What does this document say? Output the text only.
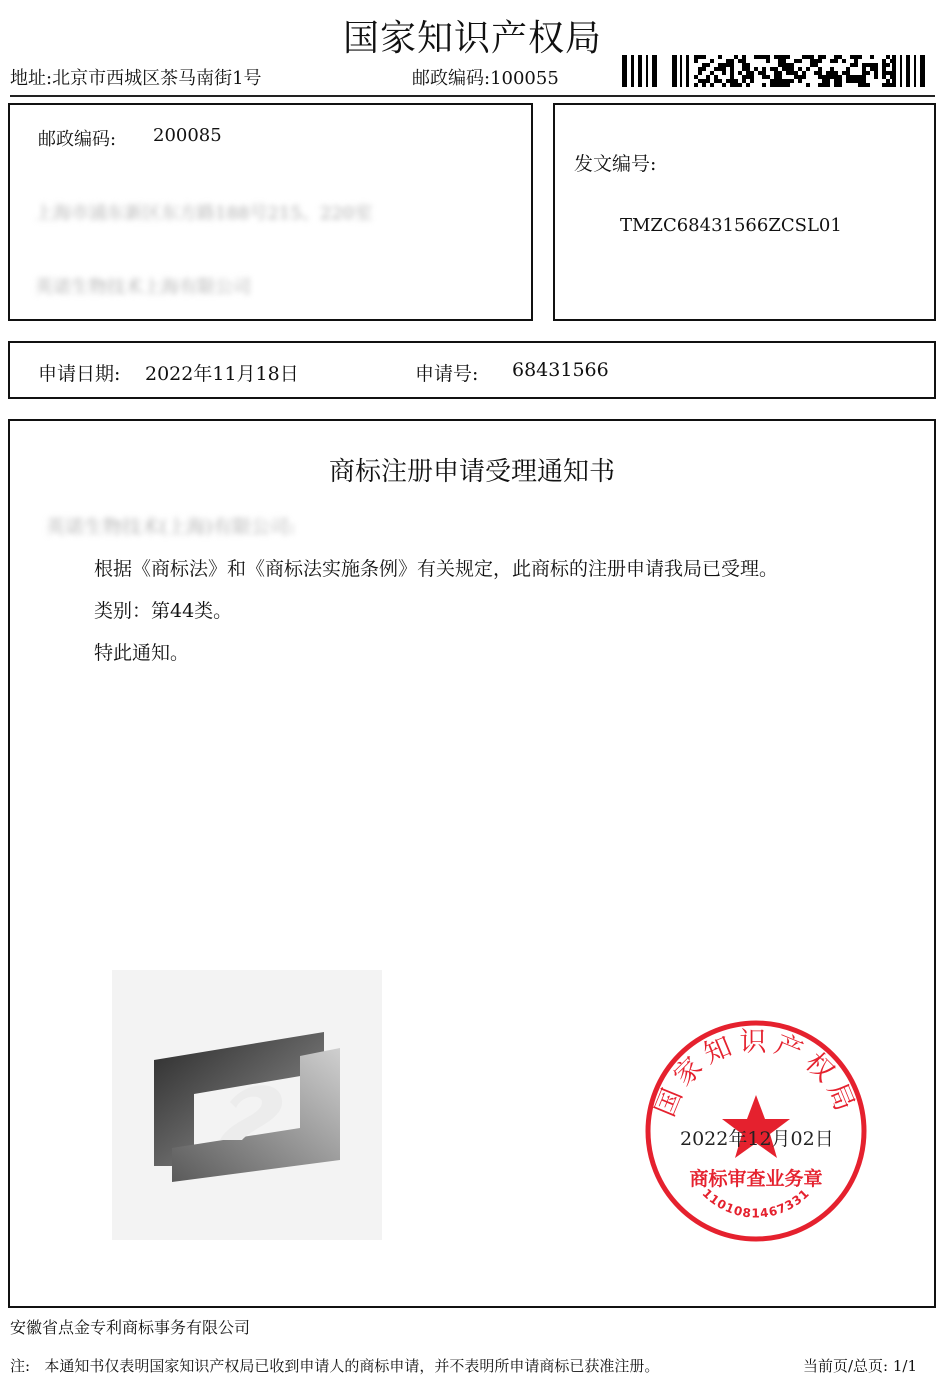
国家知识产权局
地址:北京市西城区茶马南街1号	邮政编码:100055
邮政编码: 200085
上海市浦东新区东方路188号215、220室
英诺生物技术上海有限公司
发文编号:
TMZC68431566ZCSL01
申请日期: 2022年11月18日	申请号: 68431566
商标注册申请受理通知书
英诺生物技术(上海)有限公司:
根据《商标法》和《商标法实施条例》有关规定，此商标的注册申请我局已受理。
类别：第44类。
特此通知。
国家知识产权局
商标审查业务章
1101081467331
2022年12月02日
安徽省点金专利商标事务有限公司
注:   本通知书仅表明国家知识产权局已收到申请人的商标申请，并不表明所申请商标已获准注册。	当前页/总页: 1/1
